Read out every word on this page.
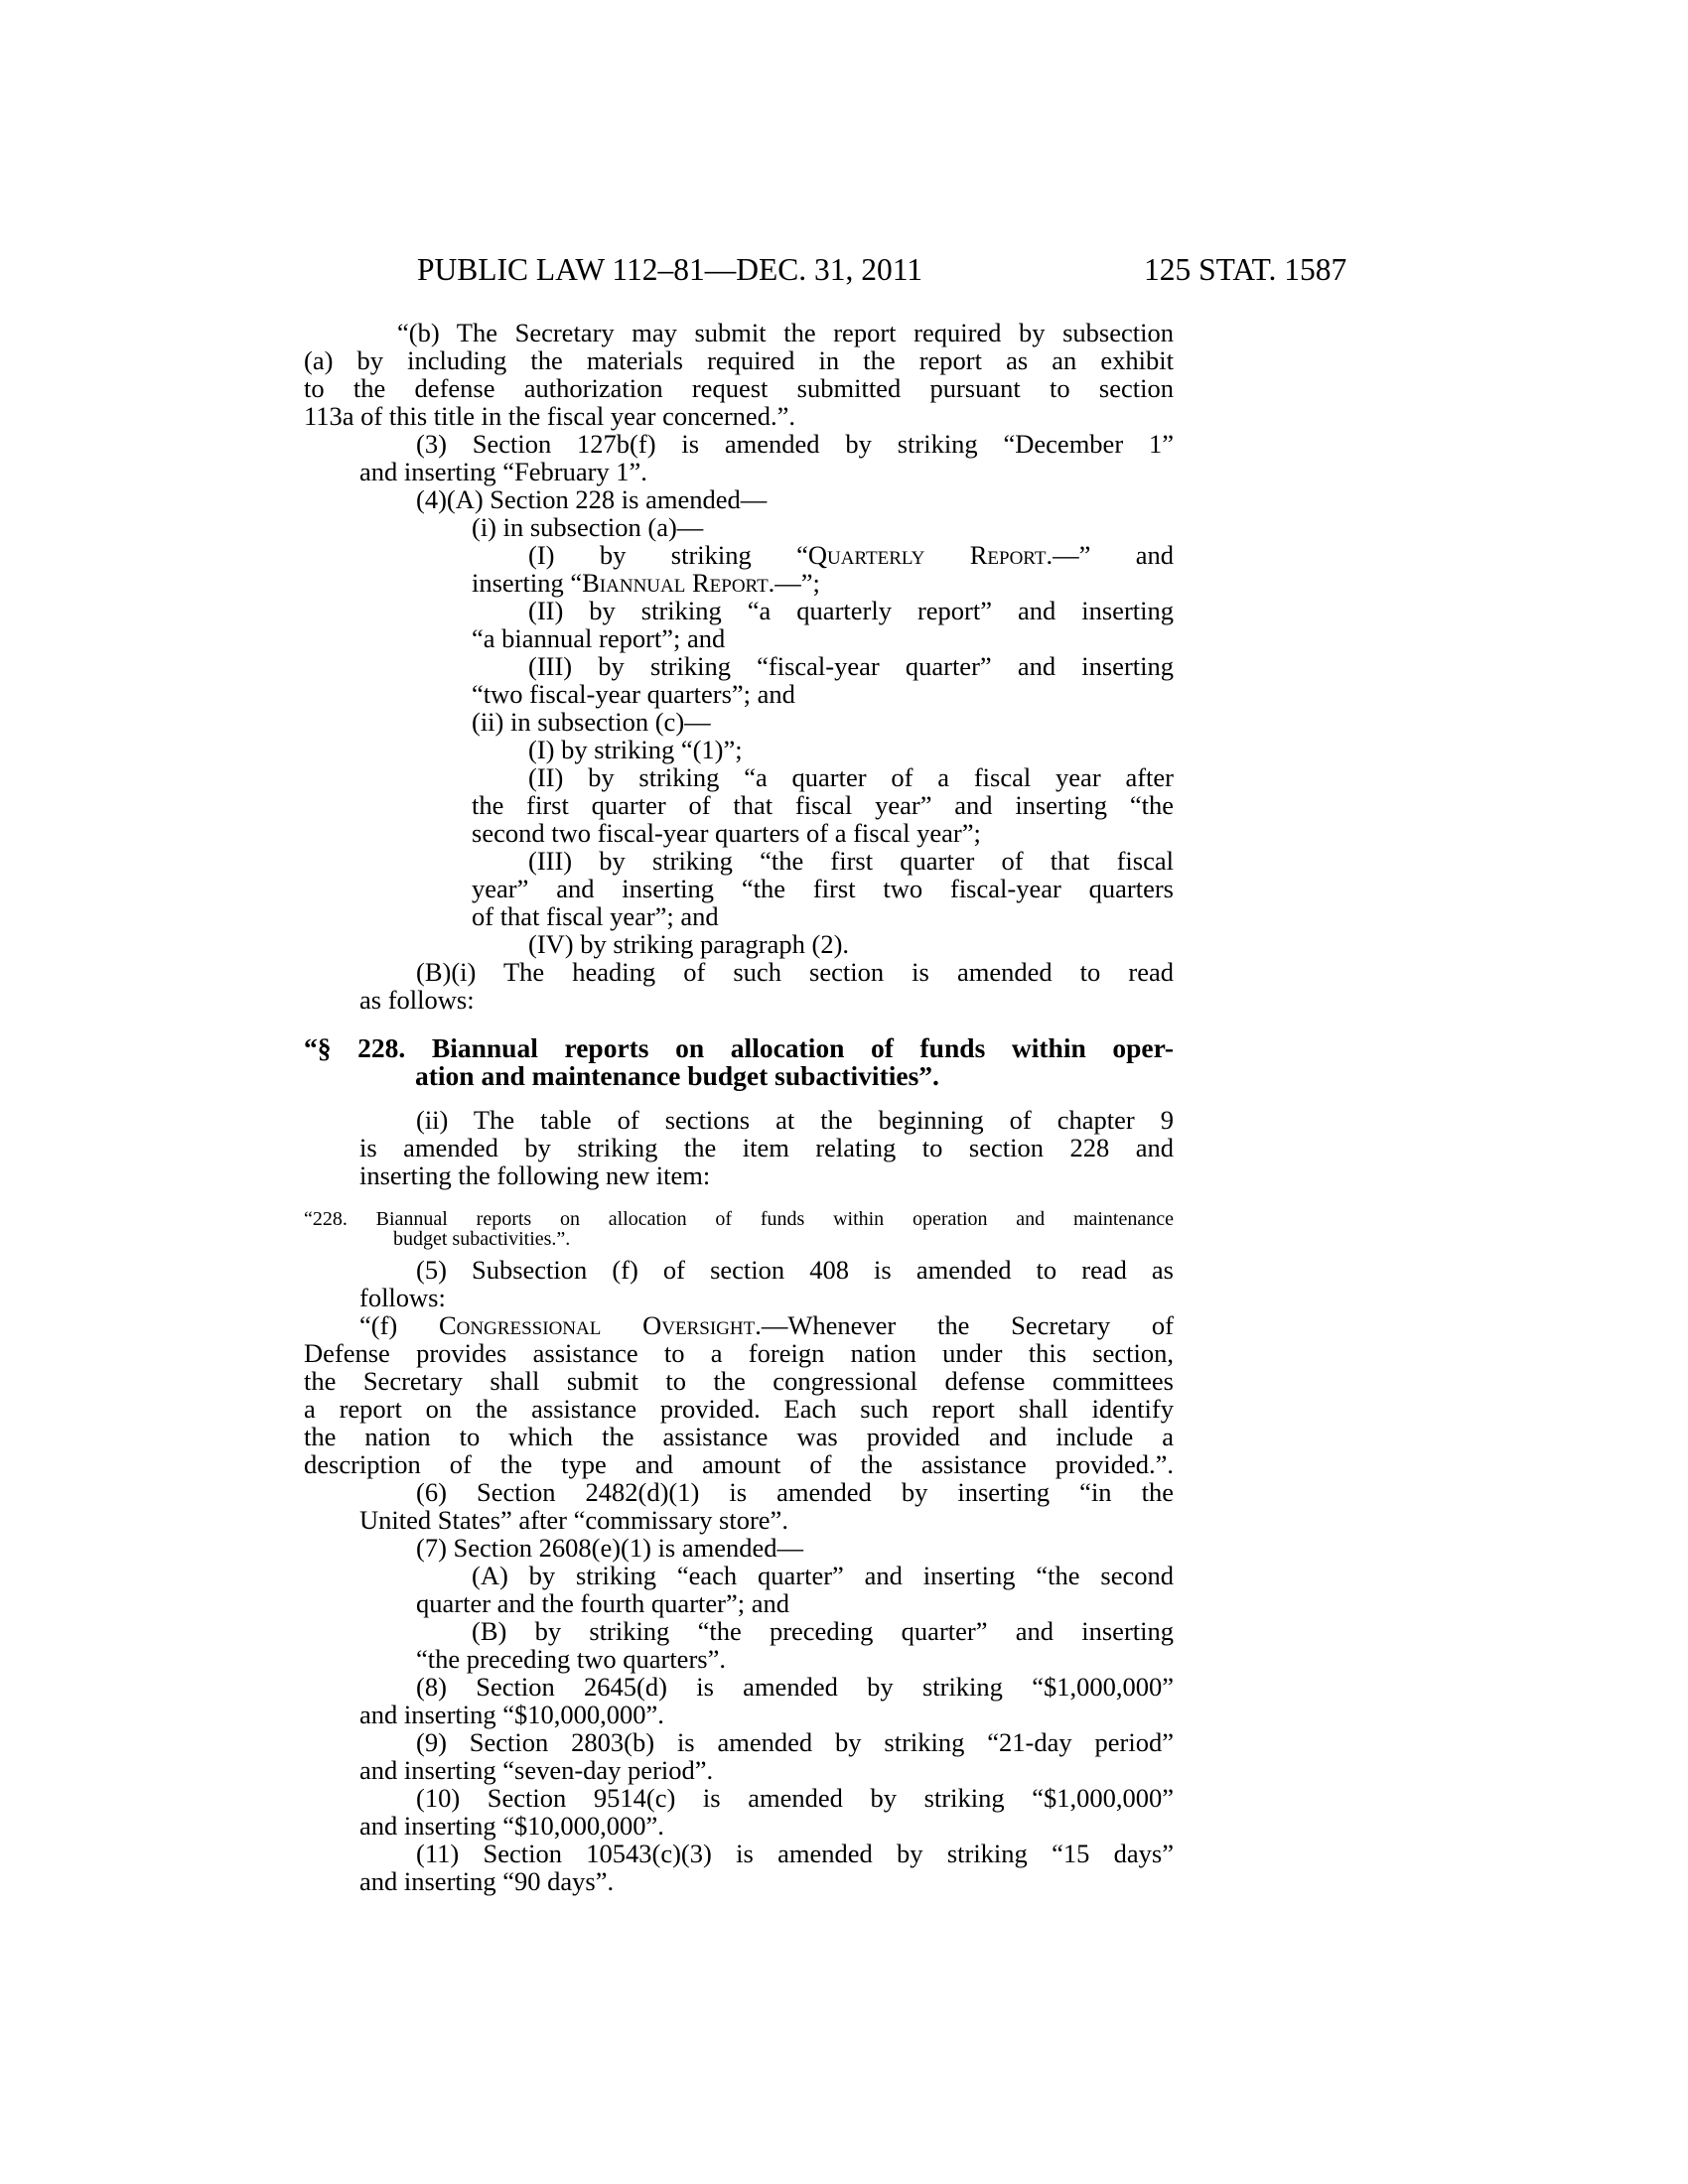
PUBLIC LAW 112–81—DEC. 31, 2011	125 STAT. 1587
“(b) The Secretary may submit the report required by subsection
(a) by including the materials required in the report as an exhibit
to the defense authorization request submitted pursuant to section
113a of this title in the fiscal year concerned.”.
(3) Section 127b(f) is amended by striking “December 1”
and inserting “February 1”.
(4)(A) Section 228 is amended—
(i) in subsection (a)—
(I) by striking “Quarterly Report.—” and
inserting “Biannual Report.—”;
(II) by striking “a quarterly report” and inserting
“a biannual report”; and
(III) by striking “fiscal-year quarter” and inserting
“two fiscal-year quarters”; and
(ii) in subsection (c)—
(I) by striking “(1)”;
(II) by striking “a quarter of a fiscal year after
the first quarter of that fiscal year” and inserting “the
second two fiscal-year quarters of a fiscal year”;
(III) by striking “the first quarter of that fiscal
year” and inserting “the first two fiscal-year quarters
of that fiscal year”; and
(IV) by striking paragraph (2).
(B)(i) The heading of such section is amended to read
as follows:
“§ 228. Biannual reports on allocation of funds within oper-
ation and maintenance budget subactivities”.
(ii) The table of sections at the beginning of chapter 9
is amended by striking the item relating to section 228 and
inserting the following new item:
“228. Biannual reports on allocation of funds within operation and maintenance
budget subactivities.”.
(5) Subsection (f) of section 408 is amended to read as
follows:
“(f) Congressional Oversight.—Whenever the Secretary of
Defense provides assistance to a foreign nation under this section,
the Secretary shall submit to the congressional defense committees
a report on the assistance provided. Each such report shall identify
the nation to which the assistance was provided and include a
description of the type and amount of the assistance provided.”.
(6) Section 2482(d)(1) is amended by inserting “in the
United States” after “commissary store”.
(7) Section 2608(e)(1) is amended—
(A) by striking “each quarter” and inserting “the second
quarter and the fourth quarter”; and
(B) by striking “the preceding quarter” and inserting
“the preceding two quarters”.
(8) Section 2645(d) is amended by striking “$1,000,000”
and inserting “$10,000,000”.
(9) Section 2803(b) is amended by striking “21-day period”
and inserting “seven-day period”.
(10) Section 9514(c) is amended by striking “$1,000,000”
and inserting “$10,000,000”.
(11) Section 10543(c)(3) is amended by striking “15 days”
and inserting “90 days”.
